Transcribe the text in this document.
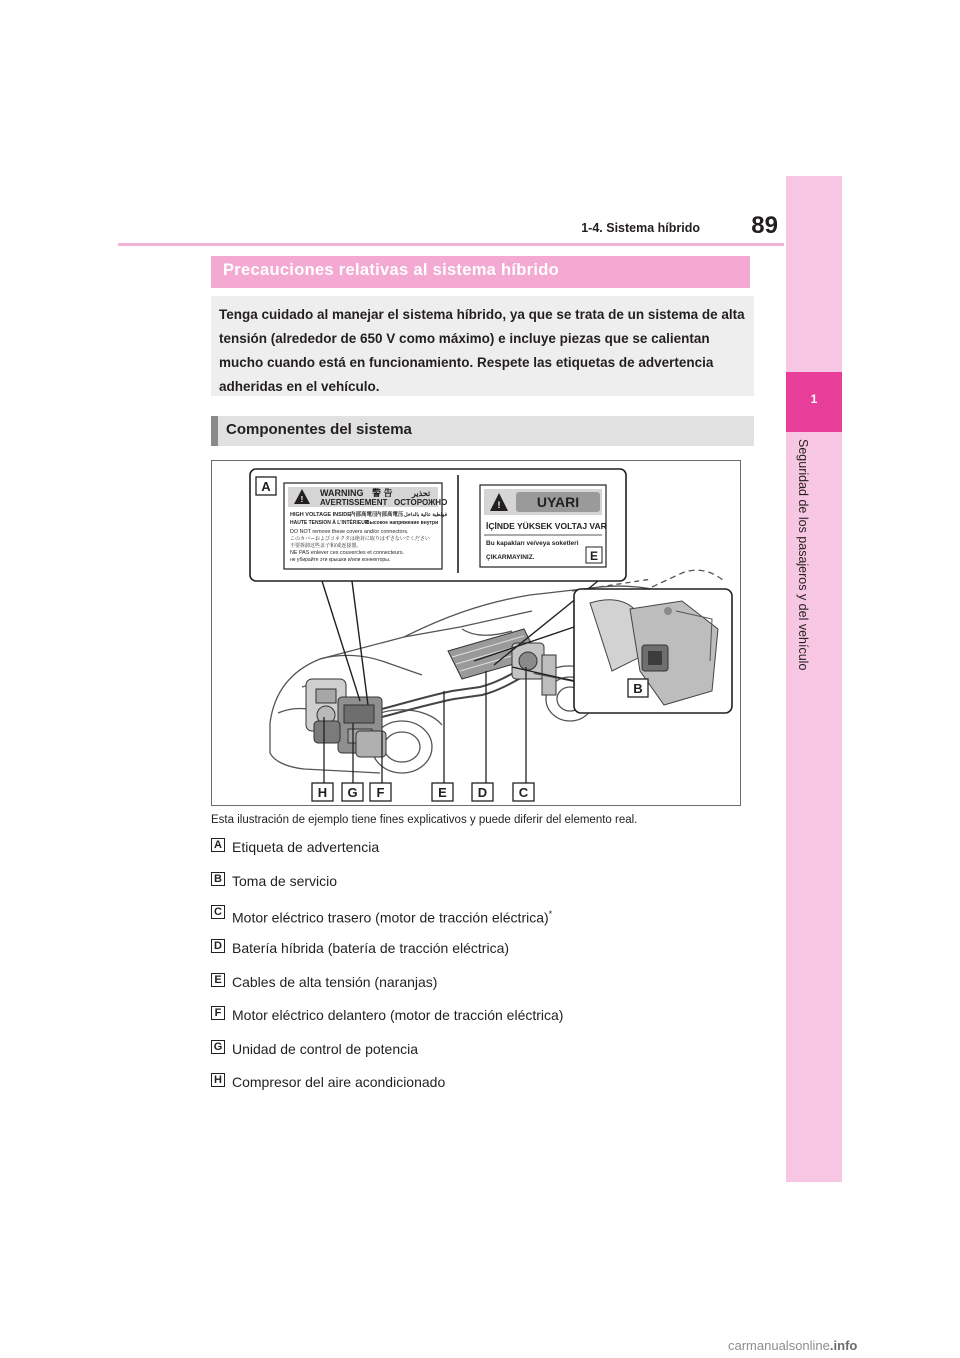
89
1-4. Sistema híbrido
1
Seguridad de los pasajeros y del vehículo
Precauciones relativas al sistema híbrido

Tenga cuidado al manejar el sistema híbrido, ya que se trata de un sistema de alta tensión (alrededor de 650 V como máximo) e incluye piezas que se calientan mucho cuando está en funcionamiento. Respete las etiquetas de advertencia adheridas en el vehículo.

Componentes del sistema
!
WARNING 警 告 تحذير
AVERTISSEMENT ОСТОРОЖНО
HIGH VOLTAGE INSIDE 内部高電圧
内部高電压 فولطية عالية بالداخل
HAUTE TENSION À L'INTÉRIEUR
Высокое напряжение внутри
DO NOT remove these covers and/or connectors.
このカバーおよびコネクタは絶対に取りはずさないでください
不要拆卸这些盖子和/或连接器。
NE PAS enlever ces couvercles et connecteurs.
не убирайте эти крышки и/или коннекторы.
!	UYARI
İÇİNDE YÜKSEK VOLTAJ VAR
Bu kapakları ve/veya soketleri
ÇIKARMAYINIZ.
A
E
B
H G F	E D C
Esta ilustración de ejemplo tiene fines explicativos y puede diferir del elemento real.
A Etiqueta de advertencia
B Toma de servicio
C Motor eléctrico trasero (motor de tracción eléctrica)*
D Batería híbrida (batería de tracción eléctrica)
E Cables de alta tensión (naranjas)
F Motor eléctrico delantero (motor de tracción eléctrica)
G Unidad de control de potencia
H Compresor del aire acondicionado
carmanualsonline.info
